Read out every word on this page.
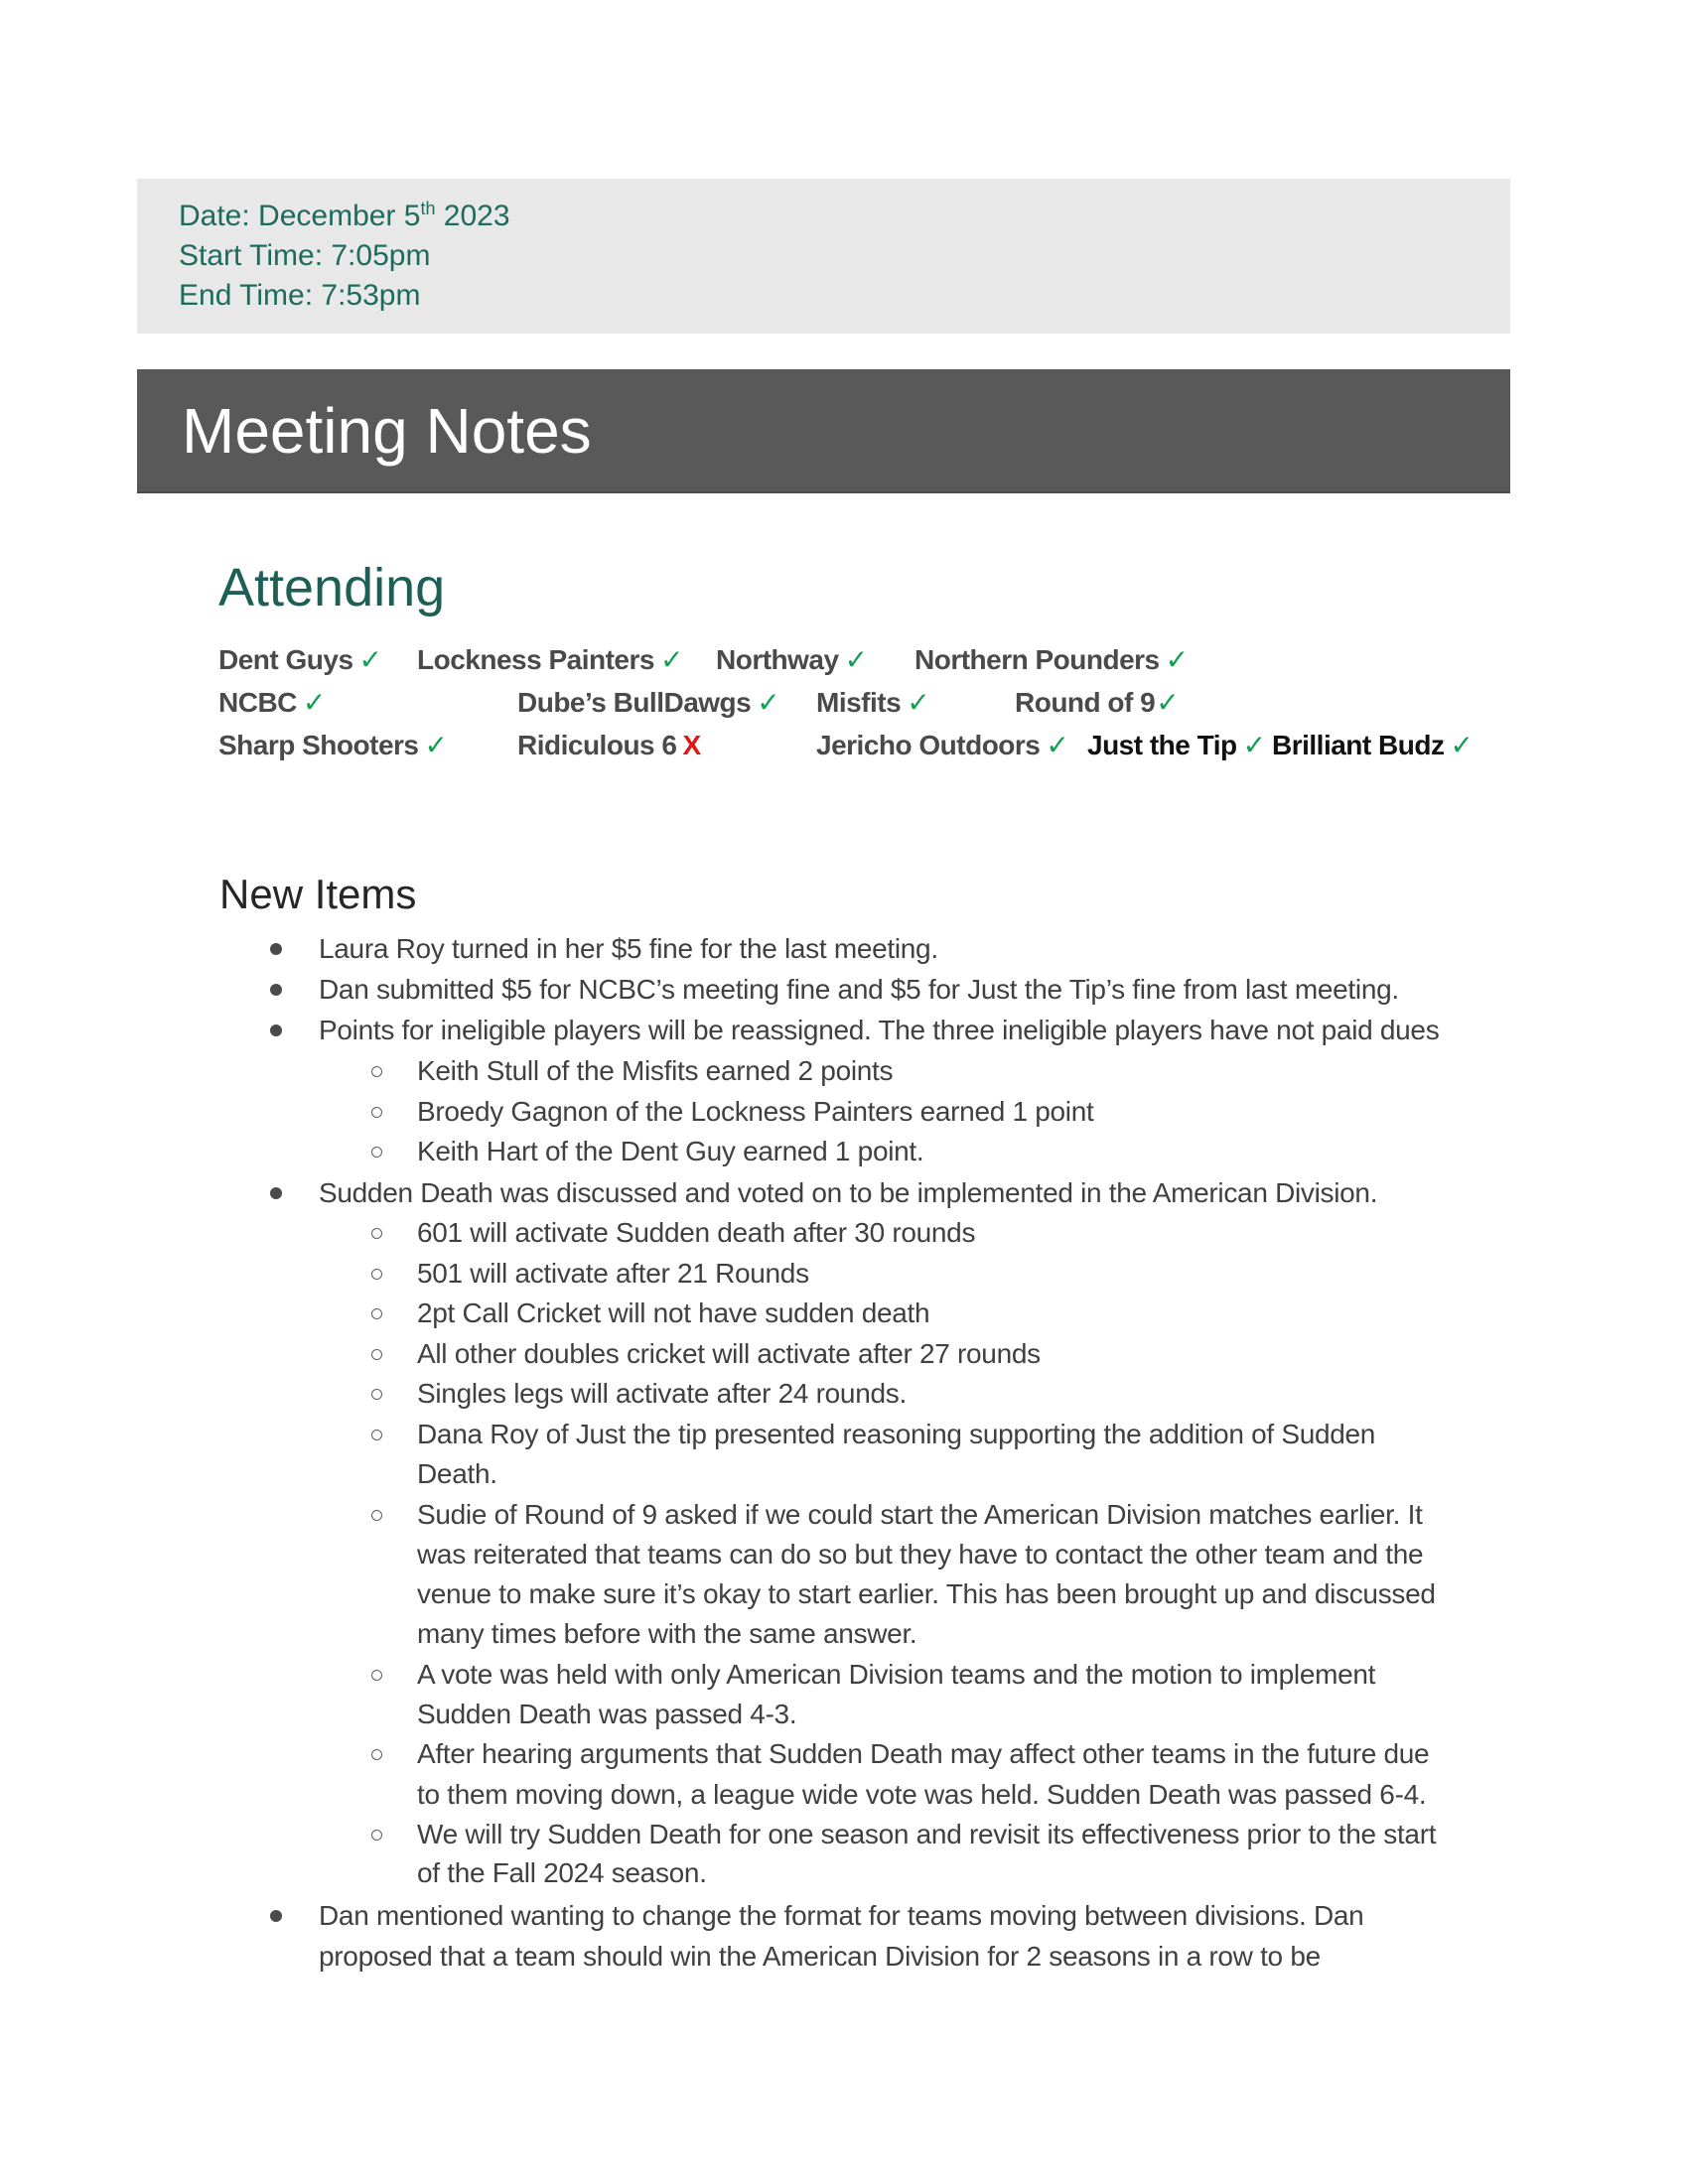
Date: December 5th 2023
Start Time: 7:05pm
End Time: 7:53pm
Meeting Notes
Attending
Dent Guys ✓ Lockness Painters ✓ Northway ✓ Northern Pounders ✓
NCBC ✓	Dube’s BullDawgs ✓ Misfits ✓	Round of 9✓
Sharp Shooters ✓	Ridiculous 6 X	Jericho Outdoors ✓ Just the Tip ✓ Brilliant Budz ✓
New Items
Laura Roy turned in her $5 fine for the last meeting.
Dan submitted $5 for NCBC’s meeting fine and $5 for Just the Tip’s fine from last meeting.
Points for ineligible players will be reassigned. The three ineligible players have not paid dues
Keith Stull of the Misfits earned 2 points
Broedy Gagnon of the Lockness Painters earned 1 point
Keith Hart of the Dent Guy earned 1 point.
Sudden Death was discussed and voted on to be implemented in the American Division.
601 will activate Sudden death after 30 rounds
501 will activate after 21 Rounds
2pt Call Cricket will not have sudden death
All other doubles cricket will activate after 27 rounds
Singles legs will activate after 24 rounds.
Dana Roy of Just the tip presented reasoning supporting the addition of Sudden
Death.
Sudie of Round of 9 asked if we could start the American Division matches earlier. It
was reiterated that teams can do so but they have to contact the other team and the
venue to make sure it’s okay to start earlier. This has been brought up and discussed
many times before with the same answer.
A vote was held with only American Division teams and the motion to implement
Sudden Death was passed 4-3.
After hearing arguments that Sudden Death may affect other teams in the future due
to them moving down, a league wide vote was held. Sudden Death was passed 6-4.
We will try Sudden Death for one season and revisit its effectiveness prior to the start
of the Fall 2024 season.
Dan mentioned wanting to change the format for teams moving between divisions. Dan
proposed that a team should win the American Division for 2 seasons in a row to be
